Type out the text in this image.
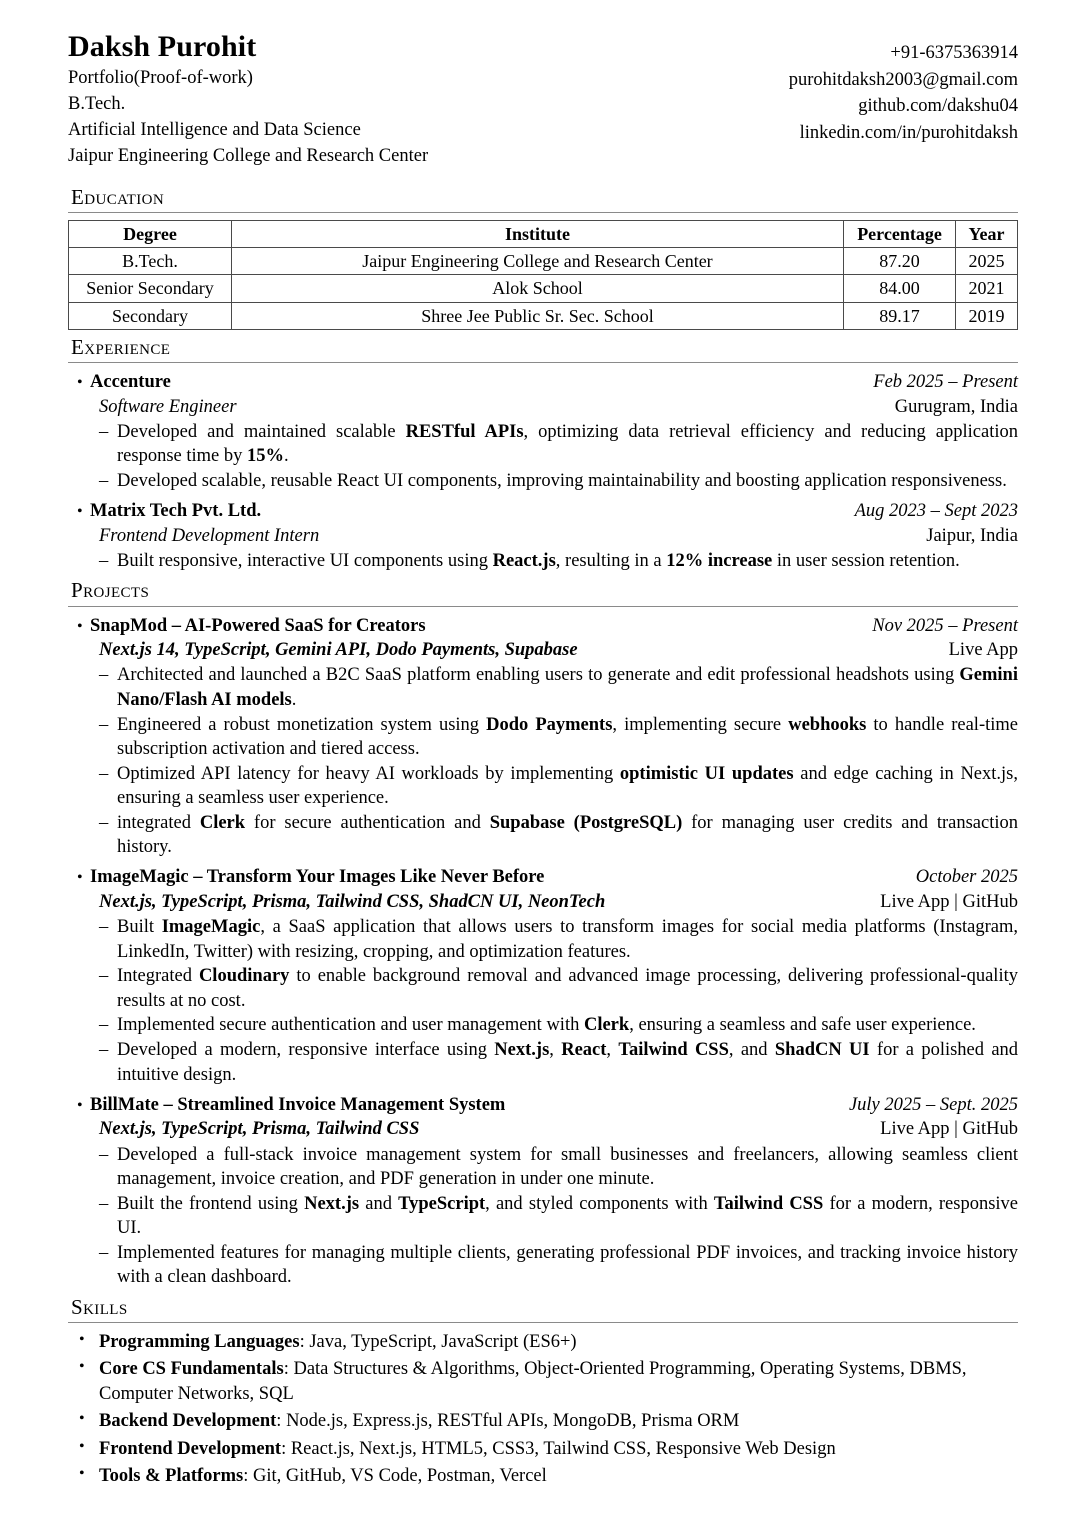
Daksh Purohit
Portfolio(Proof-of-work)
B.Tech.
Artificial Intelligence and Data Science
Jaipur Engineering College and Research Center
+91-6375363914
purohitdaksh2003@gmail.com
github.com/dakshu04
linkedin.com/in/purohitdaksh
Education
Degree	Institute	Percentage	Year
B.Tech.	Jaipur Engineering College and Research Center	87.20	2025
Senior Secondary	Alok School	84.00	2021
Secondary	Shree Jee Public Sr. Sec. School	89.17	2019
Experience
• Accenture	Feb 2025 – Present
Software Engineer	Gurugram, India
– Developed and maintained scalable RESTful APIs, optimizing data retrieval efficiency and reducing application response time by 15%.
– Developed scalable, reusable React UI components, improving maintainability and boosting application responsiveness.
• Matrix Tech Pvt. Ltd.	Aug 2023 – Sept 2023
Frontend Development Intern	Jaipur, India
– Built responsive, interactive UI components using React.js, resulting in a 12% increase in user session retention.
Projects
• SnapMod – AI-Powered SaaS for Creators	Nov 2025 – Present
Next.js 14, TypeScript, Gemini API, Dodo Payments, Supabase	Live App
– Architected and launched a B2C SaaS platform enabling users to generate and edit professional headshots using Gemini Nano/Flash AI models.
– Engineered a robust monetization system using Dodo Payments, implementing secure webhooks to handle real-time subscription activation and tiered access.
– Optimized API latency for heavy AI workloads by implementing optimistic UI updates and edge caching in Next.js, ensuring a seamless user experience.
– integrated Clerk for secure authentication and Supabase (PostgreSQL) for managing user credits and transaction history.
• ImageMagic – Transform Your Images Like Never Before	October 2025
Next.js, TypeScript, Prisma, Tailwind CSS, ShadCN UI, NeonTech	Live App | GitHub
– Built ImageMagic, a SaaS application that allows users to transform images for social media platforms (Instagram, LinkedIn, Twitter) with resizing, cropping, and optimization features.
– Integrated Cloudinary to enable background removal and advanced image processing, delivering professional-quality results at no cost.
– Implemented secure authentication and user management with Clerk, ensuring a seamless and safe user experience.
– Developed a modern, responsive interface using Next.js, React, Tailwind CSS, and ShadCN UI for a polished and intuitive design.
• BillMate – Streamlined Invoice Management System	July 2025 – Sept. 2025
Next.js, TypeScript, Prisma, Tailwind CSS	Live App | GitHub
– Developed a full-stack invoice management system for small businesses and freelancers, allowing seamless client management, invoice creation, and PDF generation in under one minute.
– Built the frontend using Next.js and TypeScript, and styled components with Tailwind CSS for a modern, responsive UI.
– Implemented features for managing multiple clients, generating professional PDF invoices, and tracking invoice history with a clean dashboard.
Skills
• Programming Languages: Java, TypeScript, JavaScript (ES6+)
• Core CS Fundamentals: Data Structures & Algorithms, Object-Oriented Programming, Operating Systems, DBMS, Computer Networks, SQL
• Backend Development: Node.js, Express.js, RESTful APIs, MongoDB, Prisma ORM
• Frontend Development: React.js, Next.js, HTML5, CSS3, Tailwind CSS, Responsive Web Design
• Tools & Platforms: Git, GitHub, VS Code, Postman, Vercel
